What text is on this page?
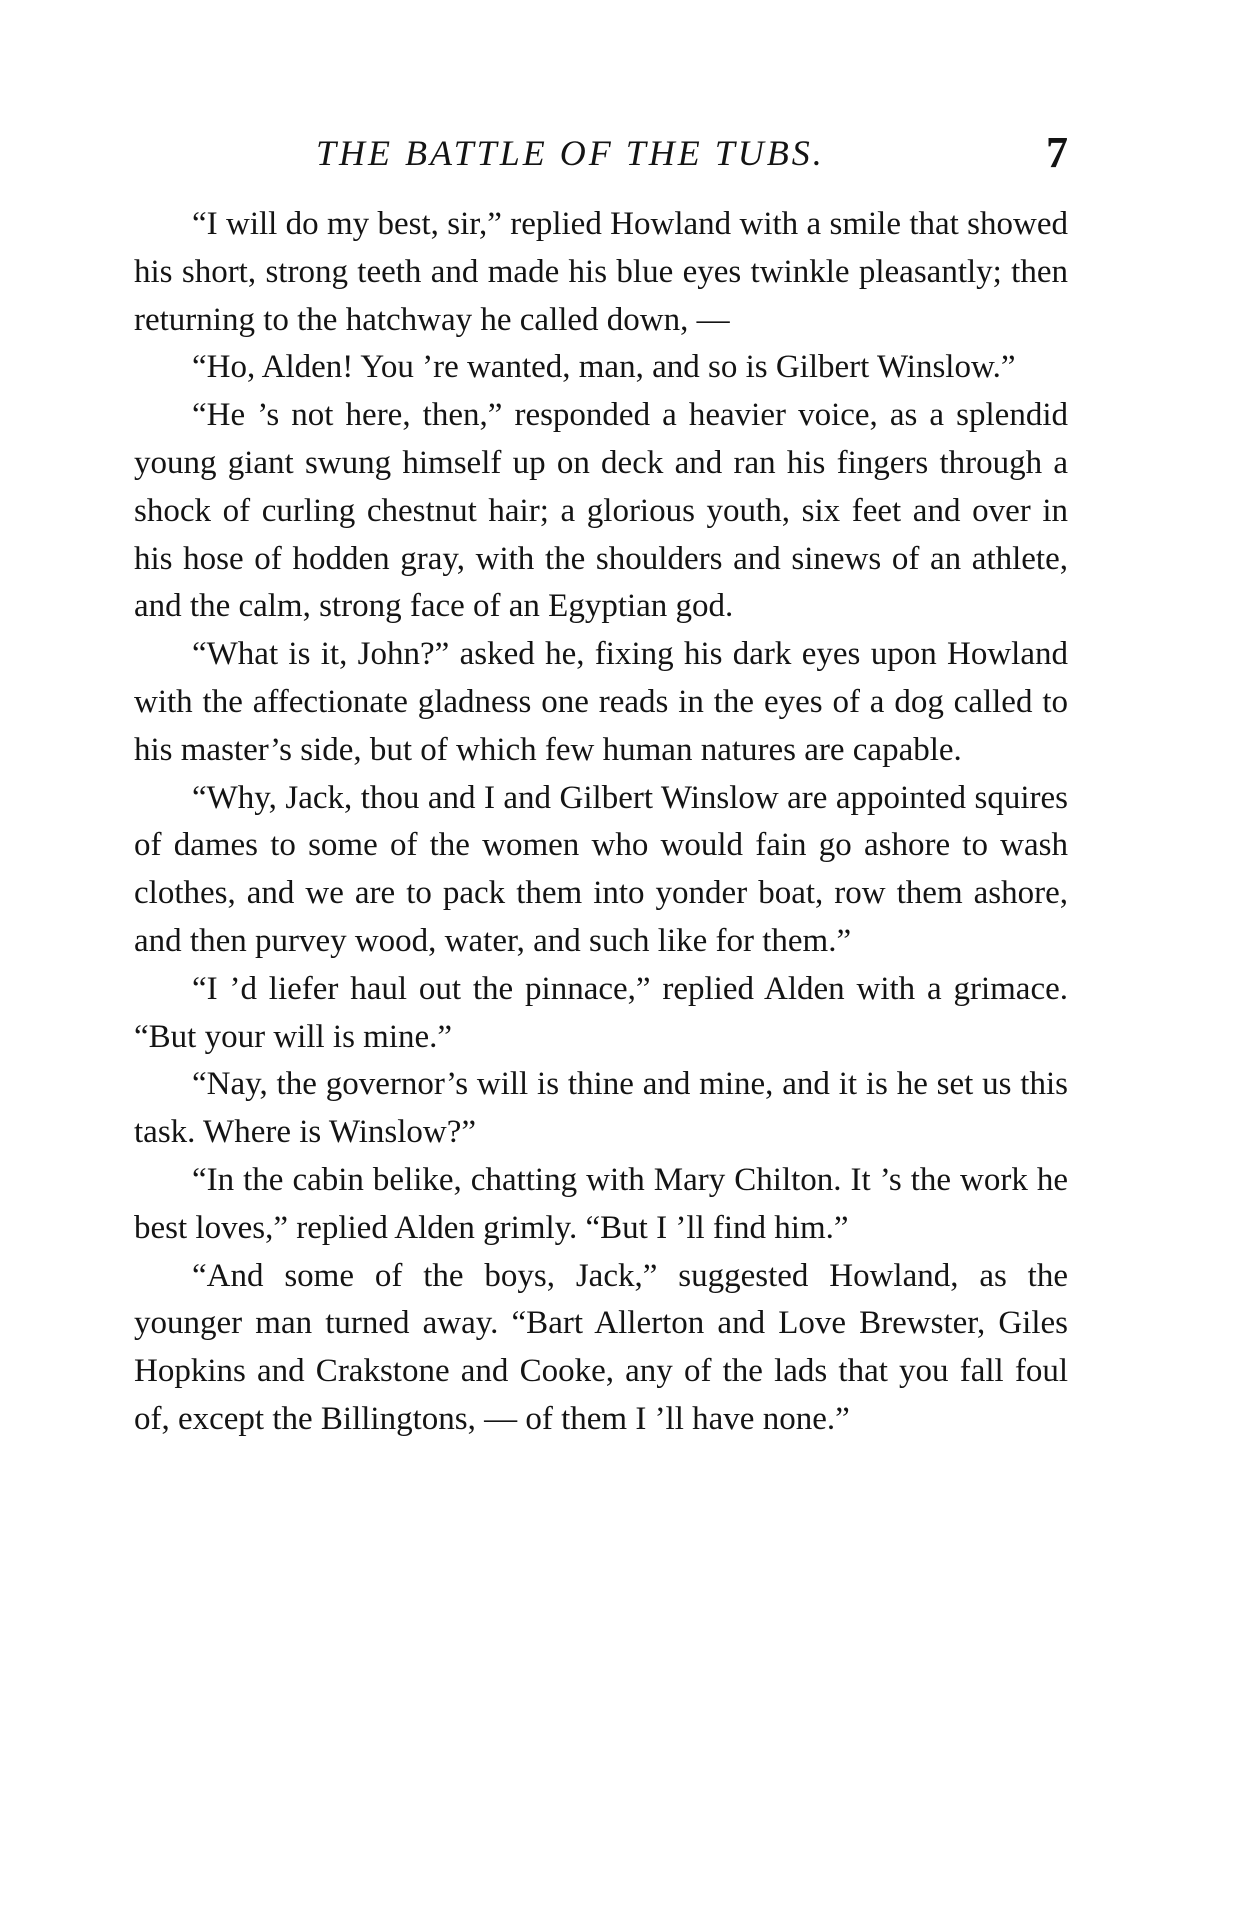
THE BATTLE OF THE TUBS.	7

“I will do my best, sir,” replied Howland with a smile that showed his short, strong teeth and made his blue eyes twinkle pleasantly; then returning to the hatchway he called down, —

“Ho, Alden! You ’re wanted, man, and so is Gilbert Winslow.”

“He ’s not here, then,” responded a heavier voice, as a splendid young giant swung himself up on deck and ran his fingers through a shock of curling chestnut hair; a glorious youth, six feet and over in his hose of hodden gray, with the shoulders and sinews of an athlete, and the calm, strong face of an Egyptian god.

“What is it, John?” asked he, fixing his dark eyes upon Howland with the affectionate gladness one reads in the eyes of a dog called to his master’s side, but of which few human natures are capable.

“Why, Jack, thou and I and Gilbert Winslow are appointed squires of dames to some of the women who would fain go ashore to wash clothes, and we are to pack them into yonder boat, row them ashore, and then purvey wood, water, and such like for them.”

“I ’d liefer haul out the pinnace,” replied Alden with a grimace. “But your will is mine.”

“Nay, the governor’s will is thine and mine, and it is he set us this task. Where is Winslow?”

“In the cabin belike, chatting with Mary Chilton. It ’s the work he best loves,” replied Alden grimly. “But I ’ll find him.”

“And some of the boys, Jack,” suggested Howland, as the younger man turned away. “Bart Allerton and Love Brewster, Giles Hopkins and Crakstone and Cooke, any of the lads that you fall foul of, except the Billingtons, — of them I ’ll have none.”
